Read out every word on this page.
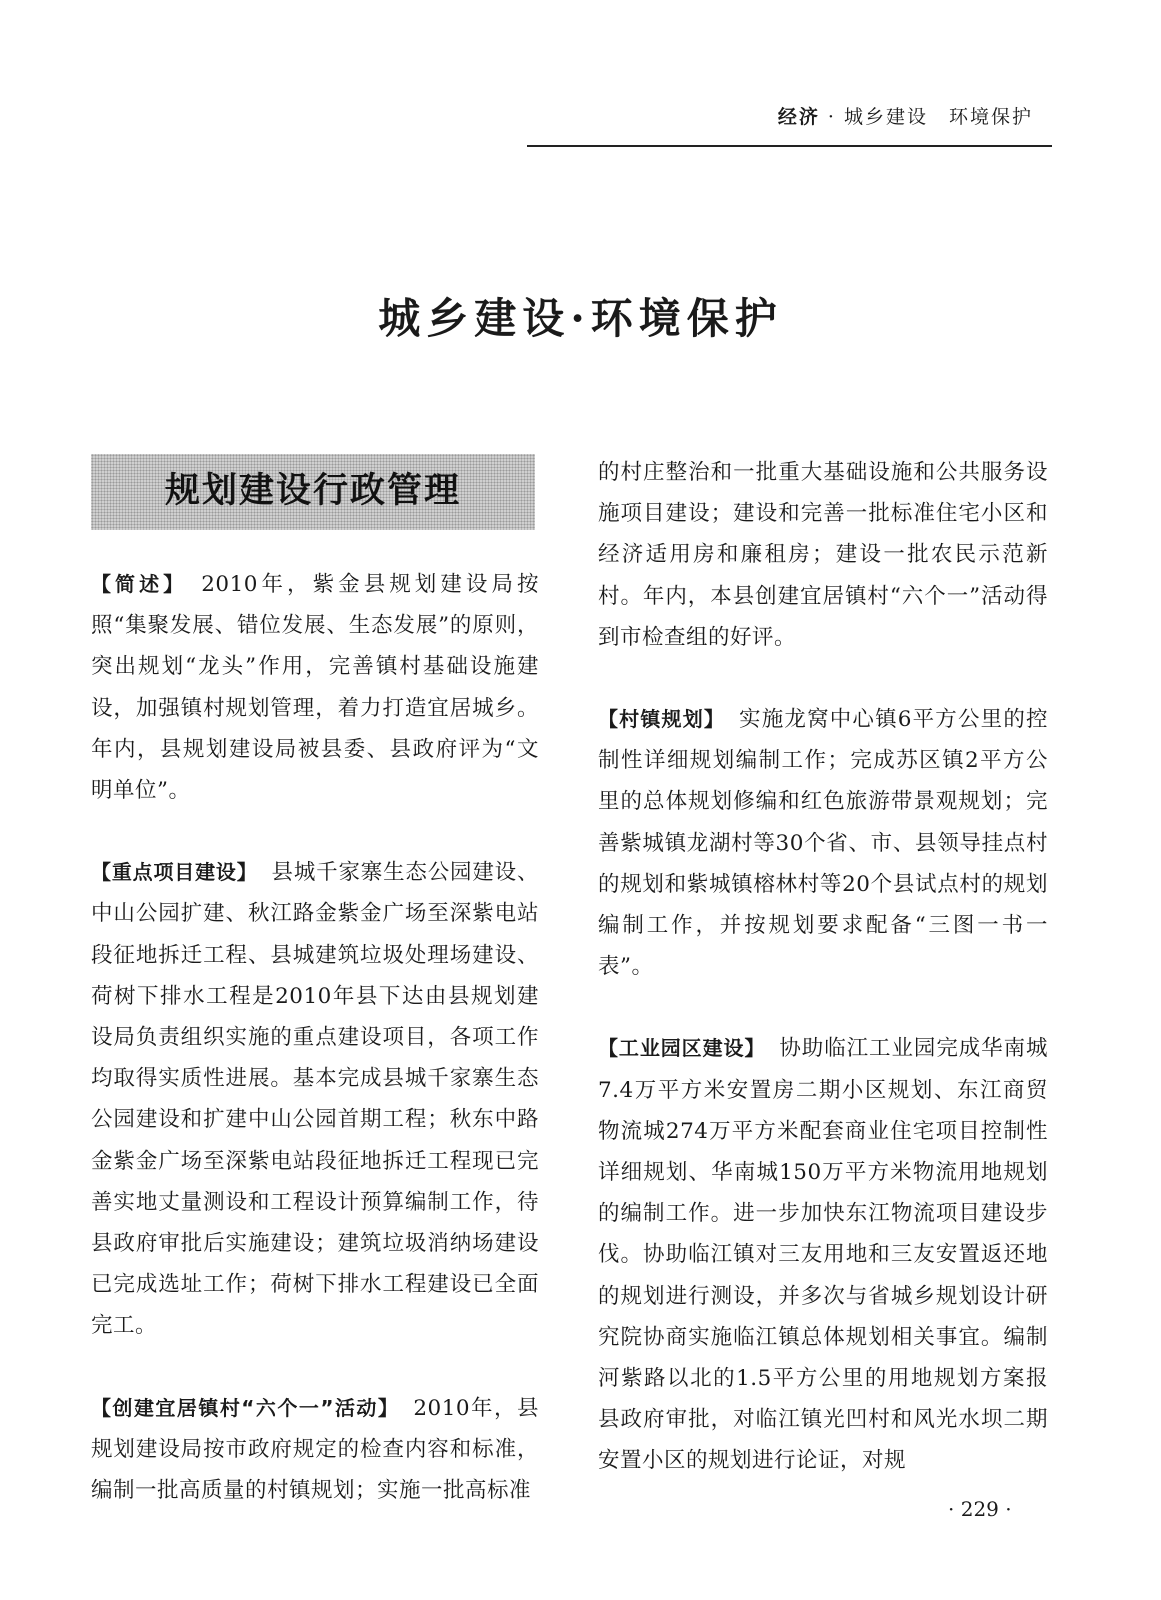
经济 · 城乡建设　环境保护
城乡建设·环境保护
规划建设行政管理

【简述】 2010年，紫金县规划建设局按照“集聚发展、错位发展、生态发展”的原则，突出规划“龙头”作用，完善镇村基础设施建设，加强镇村规划管理，着力打造宜居城乡。年内，县规划建设局被县委、县政府评为“文明单位”。

【重点项目建设】 县城千家寨生态公园建设、中山公园扩建、秋江路金紫金广场至深紫电站段征地拆迁工程、县城建筑垃圾处理场建设、荷树下排水工程是2010年县下达由县规划建设局负责组织实施的重点建设项目，各项工作均取得实质性进展。基本完成县城千家寨生态公园建设和扩建中山公园首期工程；秋东中路金紫金广场至深紫电站段征地拆迁工程现已完善实地丈量测设和工程设计预算编制工作，待县政府审批后实施建设；建筑垃圾消纳场建设已完成选址工作；荷树下排水工程建设已全面完工。

【创建宜居镇村“六个一”活动】 2010年，县规划建设局按市政府规定的检查内容和标准，编制一批高质量的村镇规划；实施一批高标准

的村庄整治和一批重大基础设施和公共服务设施项目建设；建设和完善一批标准住宅小区和经济适用房和廉租房；建设一批农民示范新村。年内，本县创建宜居镇村“六个一”活动得到市检查组的好评。

【村镇规划】 实施龙窝中心镇6平方公里的控制性详细规划编制工作；完成苏区镇2平方公里的总体规划修编和红色旅游带景观规划；完善紫城镇龙湖村等30个省、市、县领导挂点村的规划和紫城镇榕林村等20个县试点村的规划编制工作，并按规划要求配备“三图一书一表”。

【工业园区建设】 协助临江工业园完成华南城7.4万平方米安置房二期小区规划、东江商贸物流城274万平方米配套商业住宅项目控制性详细规划、华南城150万平方米物流用地规划的编制工作。进一步加快东江物流项目建设步伐。协助临江镇对三友用地和三友安置返还地的规划进行测设，并多次与省城乡规划设计研究院协商实施临江镇总体规划相关事宜。编制河紫路以北的1.5平方公里的用地规划方案报县政府审批，对临江镇光凹村和风光水坝二期安置小区的规划进行论证，对规

· 229 ·
